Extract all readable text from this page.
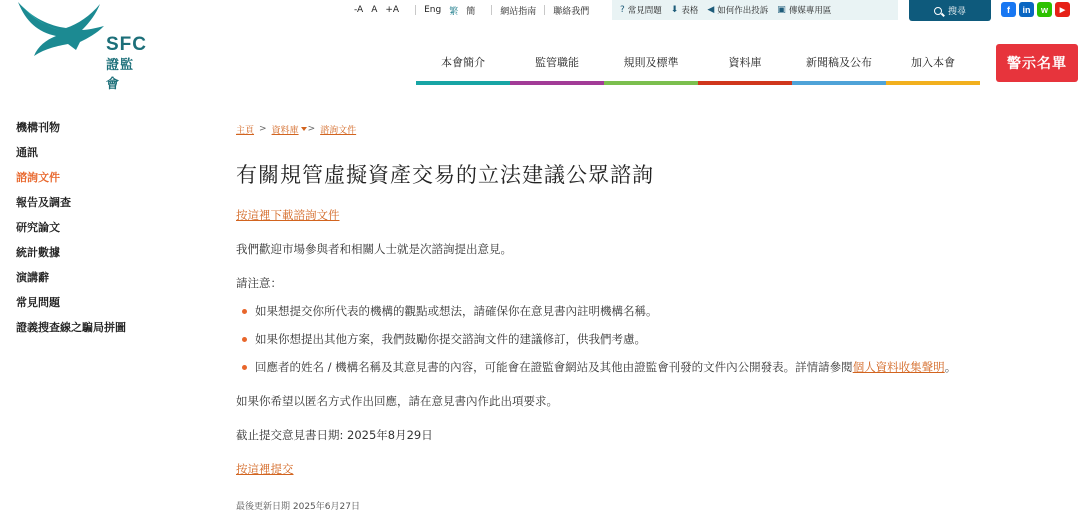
SFC
證監會
-A A +A	Eng 繁 簡	網站指南 聯絡我們	? 常見問題 ⬇ 表格 ◀ 如何作出投訴 ▣ 傳媒專用區	搜尋	f	in	w	▶
本會簡介	監管職能	規則及標準	資料庫	新聞稿及公布	加入本會	警示名單
機構刊物
通訊
諮詢文件
報告及調查
研究論文
統計數據
演講辭
常見問題
證義搜查線之騙局拼圖
主頁 > 資料庫 > 諮詢文件
有關規管虛擬資產交易的立法建議公眾諮詢
按這裡下載諮詢文件
我們歡迎市場參與者和相關人士就是次諮詢提出意見。
請注意：
如果想提交你所代表的機構的觀點或想法，請確保你在意見書內註明機構名稱。
如果你想提出其他方案，我們鼓勵你提交諮詢文件的建議修訂，供我們考慮。
回應者的姓名 / 機構名稱及其意見書的內容，可能會在證監會網站及其他由證監會刊發的文件內公開發表。詳情請參閱個人資料收集聲明。
如果你希望以匿名方式作出回應，請在意見書內作此出項要求。
截止提交意見書日期: 2025年8月29日
按這裡提交
最後更新日期 2025年6月27日
